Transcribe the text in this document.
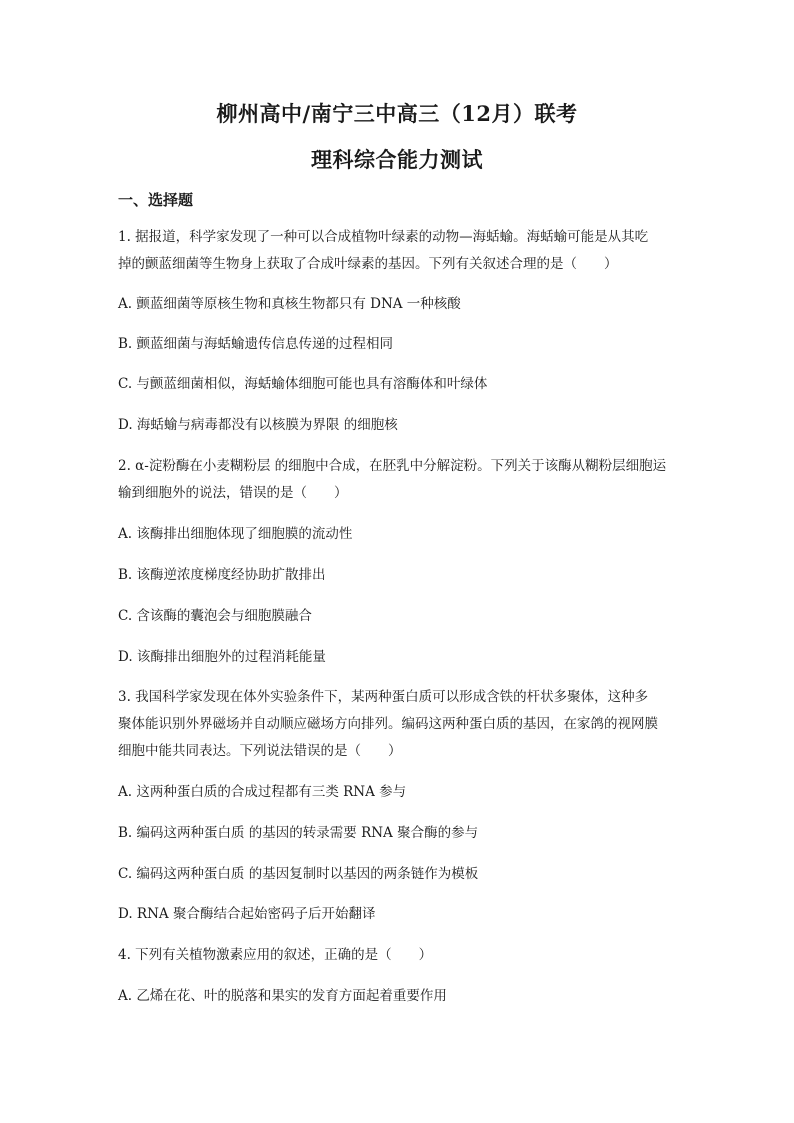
柳州高中/南宁三中高三（12月）联考
理科综合能力测试
一、选择题
1. 据报道，科学家发现了一种可以合成植物叶绿素的动物—海蛞蝓。海蛞蝓可能是从其吃
掉的颤蓝细菌等生物身上获取了合成叶绿素的基因。下列有关叙述合理的是（　　）
A. 颤蓝细菌等原核生物和真核生物都只有 DNA 一种核酸
B. 颤蓝细菌与海蛞蝓遗传信息传递的过程相同
C. 与颤蓝细菌相似，海蛞蝓体细胞可能也具有溶酶体和叶绿体
D. 海蛞蝓与病毒都没有以核膜为界限 的细胞核
2. α-淀粉酶在小麦糊粉层 的细胞中合成，在胚乳中分解淀粉。下列关于该酶从糊粉层细胞运
输到细胞外的说法，错误的是（　　）
A. 该酶排出细胞体现了细胞膜的流动性
B. 该酶逆浓度梯度经协助扩散排出
C. 含该酶的囊泡会与细胞膜融合
D. 该酶排出细胞外的过程消耗能量
3. 我国科学家发现在体外实验条件下，某两种蛋白质可以形成含铁的杆状多聚体，这种多
聚体能识别外界磁场并自动顺应磁场方向排列。编码这两种蛋白质的基因，在家鸽的视网膜
细胞中能共同表达。下列说法错误的是（　　）
A. 这两种蛋白质的合成过程都有三类 RNA 参与
B. 编码这两种蛋白质 的基因的转录需要 RNA 聚合酶的参与
C. 编码这两种蛋白质 的基因复制时以基因的两条链作为模板
D. RNA 聚合酶结合起始密码子后开始翻译
4. 下列有关植物激素应用的叙述，正确的是（　　）
A. 乙烯在花、叶的脱落和果实的发育方面起着重要作用
